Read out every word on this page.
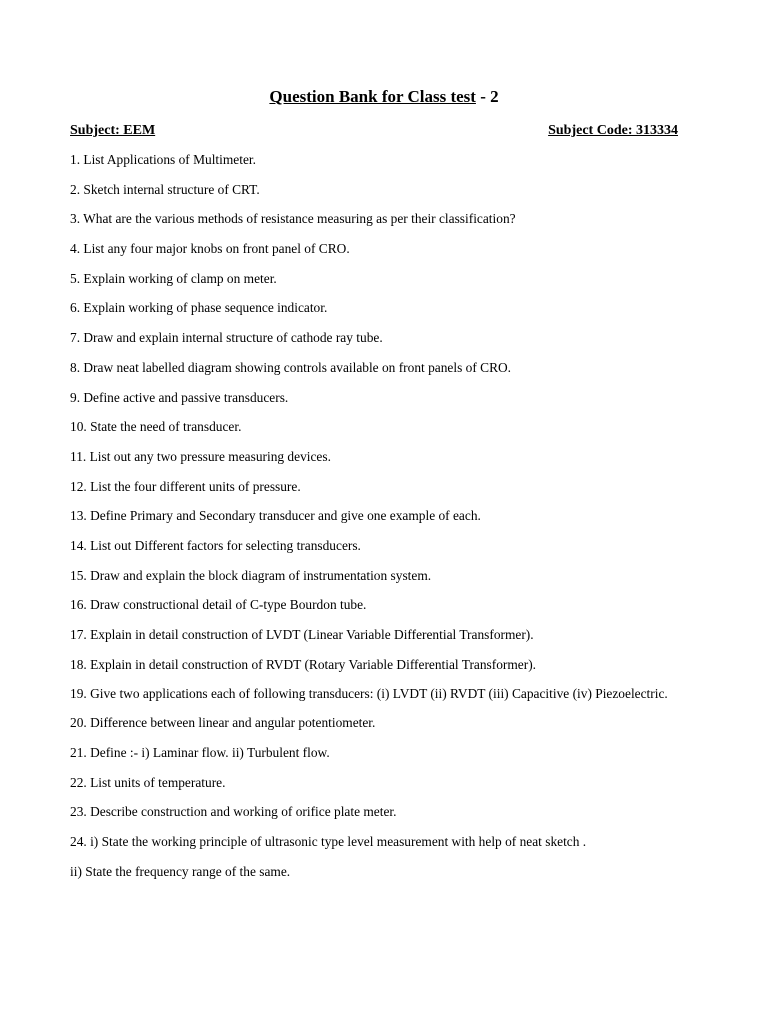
Question Bank for Class test - 2
Subject: EEM	Subject Code: 313334

1. List Applications of Multimeter.

2. Sketch internal structure of CRT.

3. What are the various methods of resistance measuring as per their classification?

4. List any four major knobs on front panel of CRO.

5. Explain working of clamp on meter.

6. Explain working of phase sequence indicator.

7. Draw and explain internal structure of cathode ray tube.

8. Draw neat labelled diagram showing controls available on front panels of CRO.

9. Define active and passive transducers.

10. State the need of transducer.

11. List out any two pressure measuring devices.

12. List the four different units of pressure.

13. Define Primary and Secondary transducer and give one example of each.

14. List out Different factors for selecting transducers.

15. Draw and explain the block diagram of instrumentation system.

16. Draw constructional detail of C-type Bourdon tube.

17. Explain in detail construction of LVDT (Linear Variable Differential Transformer).

18. Explain in detail construction of RVDT (Rotary Variable Differential Transformer).

19. Give two applications each of following transducers: (i) LVDT (ii) RVDT (iii) Capacitive (iv) Piezoelectric.

20. Difference between linear and angular potentiometer.

21. Define :- i) Laminar flow. ii) Turbulent flow.

22. List units of temperature.

23. Describe construction and working of orifice plate meter.

24. i) State the working principle of ultrasonic type level measurement with help of neat sketch .

ii) State the frequency range of the same.
